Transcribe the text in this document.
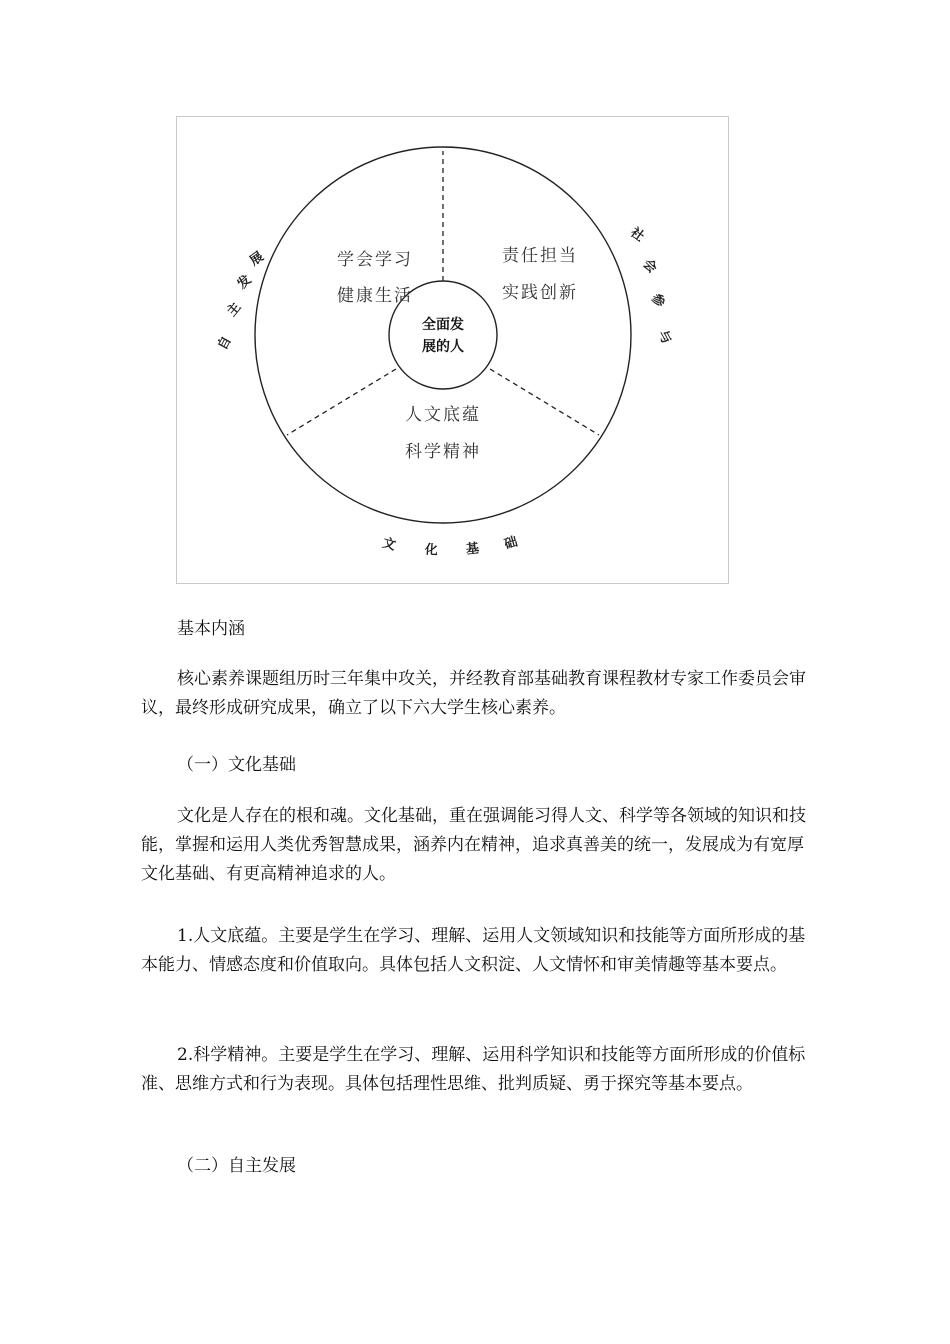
学会学习
健康生活
责任担当
实践创新
人文底蕴
科学精神
全面发
展的人
自
主
发
展
社
会
参
与
文 化 基 础

基本内涵

核心素养课题组历时三年集中攻关，并经教育部基础教育课程教材专家工作委员会审议，最终形成研究成果，确立了以下六大学生核心素养。

（一）文化基础

文化是人存在的根和魂。文化基础，重在强调能习得人文、科学等各领域的知识和技能，掌握和运用人类优秀智慧成果，涵养内在精神，追求真善美的统一，发展成为有宽厚文化基础、有更高精神追求的人。

1.人文底蕴。主要是学生在学习、理解、运用人文领域知识和技能等方面所形成的基本能力、情感态度和价值取向。具体包括人文积淀、人文情怀和审美情趣等基本要点。

2.科学精神。主要是学生在学习、理解、运用科学知识和技能等方面所形成的价值标准、思维方式和行为表现。具体包括理性思维、批判质疑、勇于探究等基本要点。

（二）自主发展
